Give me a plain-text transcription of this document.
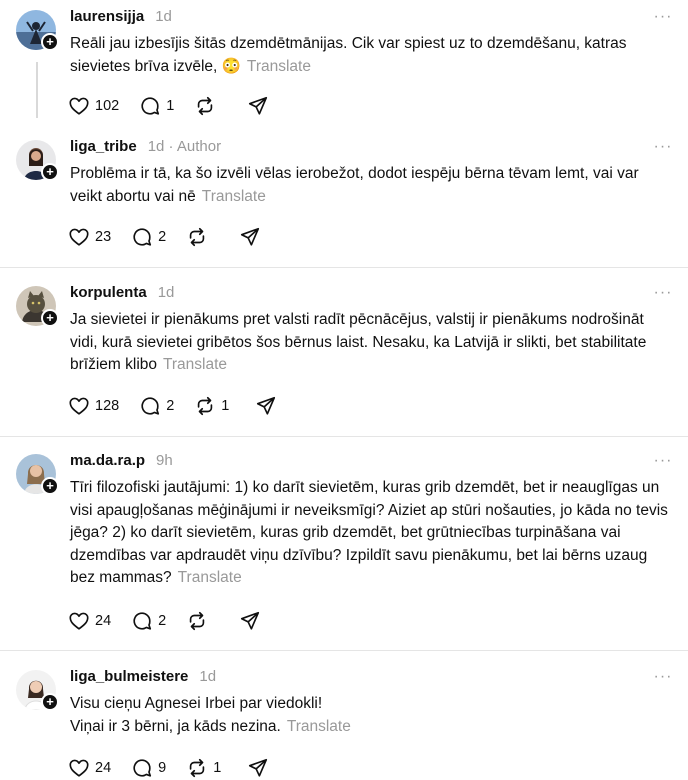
+
laurensijja 1d	···
Reāli jau izbesījis šitās dzemdētmānijas. Cik var spiest uz to dzemdēšanu, katras sievietes brīva izvēle, 😳 Translate
102	1
+
liga_tribe 1d · Author	···
Problēma ir tā, ka šo izvēli vēlas ierobežot, dodot iespēju bērna tēvam lemt, vai var veikt abortu vai nē Translate
23	2
+
korpulenta 1d	···
Ja sievietei ir pienākums pret valsti radīt pēcnācējus, valstij ir pienākums nodrošināt vidi, kurā sievietei gribētos šos bērnus laist. Nesaku, ka Latvijā ir slikti, bet stabilitate brīžiem klibo Translate
128	2	1
+
ma.da.ra.p 9h	···
Tīri filozofiski jautājumi: 1) ko darīt sievietēm, kuras grib dzemdēt, bet ir neauglīgas un visi apaugļošanas mēģinājumi ir neveiksmīgi? Aiziet ap stūri nošauties, jo kāda no tevis jēga? 2) ko darīt sievietēm, kuras grib dzemdēt, bet grūtniecības turpināšana vai dzemdības var apdraudēt viņu dzīvību? Izpildīt savu pienākumu, bet lai bērns uzaug bez mammas? Translate
24	2
+
liga_bulmeistere 1d	···
Visu cieņu Agnesei Irbei par viedokli!
Viņai ir 3 bērni, ja kāds nezina. Translate
24	9	1
